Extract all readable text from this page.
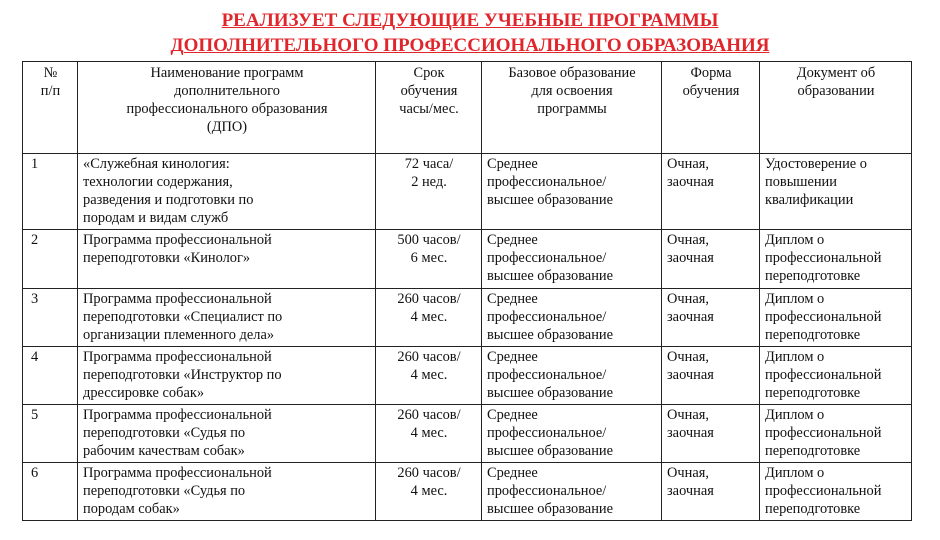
РЕАЛИЗУЕТ СЛЕДУЮЩИЕ УЧЕБНЫЕ ПРОГРАММЫ
ДОПОЛНИТЕЛЬНОГО ПРОФЕССИОНАЛЬНОГО ОБРАЗОВАНИЯ
№
п/п	Наименование программ
дополнительного
профессионального образования
(ДПО)	Срок
обучения
часы/мес.	Базовое образование
для освоения
программы	Форма
обучения	Документ об
образовании

1	«Служебная кинология:
технологии содержания,
разведения и подготовки по
породам и видам служб	72 часа/
2 нед.	Среднее
профессиональное/
высшее образование	Очная,
заочная	Удостоверение о
повышении
квалификации

2	Программа профессиональной
переподготовки «Кинолог»	500 часов/
6 мес.	Среднее
профессиональное/
высшее образование	Очная,
заочная	Диплом о
профессиональной
переподготовке

3	Программа профессиональной
переподготовки «Специалист по
организации племенного дела»	260 часов/
4 мес.	Среднее
профессиональное/
высшее образование	Очная,
заочная	Диплом о
профессиональной
переподготовке

4	Программа профессиональной
переподготовки «Инструктор по
дрессировке собак»	260 часов/
4 мес.	Среднее
профессиональное/
высшее образование	Очная,
заочная	Диплом о
профессиональной
переподготовке

5	Программа профессиональной
переподготовки «Судья по
рабочим качествам собак»	260 часов/
4 мес.	Среднее
профессиональное/
высшее образование	Очная,
заочная	Диплом о
профессиональной
переподготовке

6	Программа профессиональной
переподготовки «Судья по
породам собак»	260 часов/
4 мес.	Среднее
профессиональное/
высшее образование	Очная,
заочная	Диплом о
профессиональной
переподготовке
